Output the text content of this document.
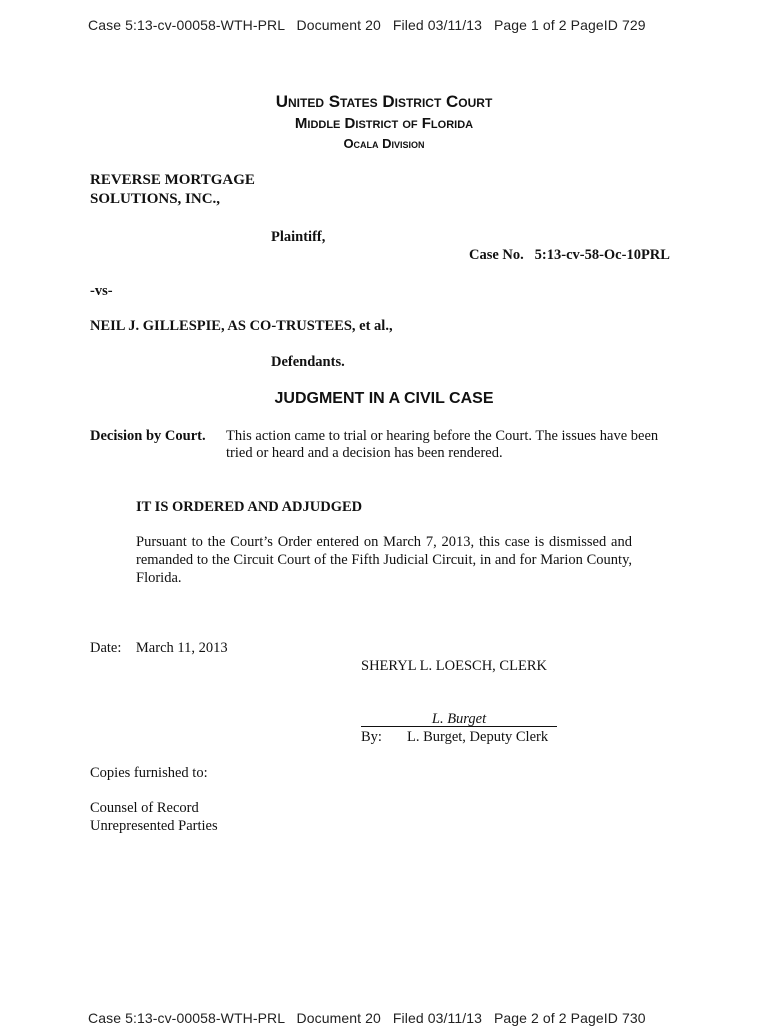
Case 5:13-cv-00058-WTH-PRL   Document 20   Filed 03/11/13   Page 1 of 2 PageID 729
United States District Court
Middle District of Florida
Ocala Division
REVERSE MORTGAGE
SOLUTIONS, INC.,
Plaintiff,
Case No. 5:13-cv-58-Oc-10PRL
-vs-
NEIL J. GILLESPIE, AS CO-TRUSTEES, et al.,
Defendants.
JUDGMENT IN A CIVIL CASE
Decision by Court. This action came to trial or hearing before the Court. The issues have been
tried or heard and a decision has been rendered.
IT IS ORDERED AND ADJUDGED
Pursuant to the Court’s Order entered on March 7, 2013, this case is dismissed and remanded to the Circuit Court of the Fifth Judicial Circuit, in and for Marion County, Florida.
Date: March 11, 2013
SHERYL L. LOESCH, CLERK
L. Burget
By: L. Burget, Deputy Clerk
Copies furnished to:
Counsel of Record
Unrepresented Parties
Case 5:13-cv-00058-WTH-PRL   Document 20   Filed 03/11/13   Page 2 of 2 PageID 730
